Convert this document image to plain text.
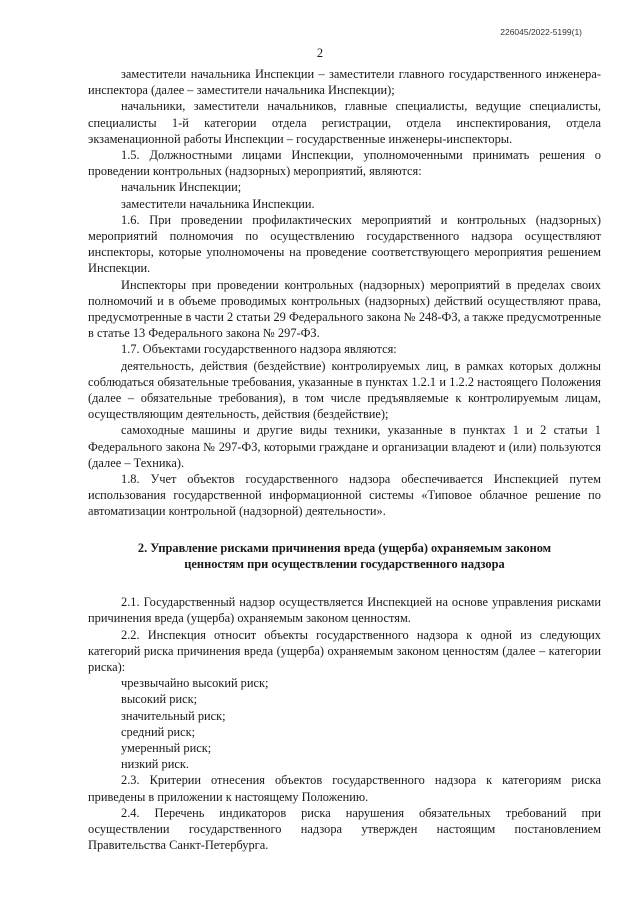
226045/2022-5199(1)
2

заместители начальника Инспекции – заместители главного государственного инженера-инспектора (далее – заместители начальника Инспекции);

начальники, заместители начальников, главные специалисты, ведущие специалисты, специалисты 1-й категории отдела регистрации, отдела инспектирования, отдела экзаменационной работы Инспекции – государственные инженеры-инспекторы.

1.5. Должностными лицами Инспекции, уполномоченными принимать решения о проведении контрольных (надзорных) мероприятий, являются:

начальник Инспекции;

заместители начальника Инспекции.

1.6. При проведении профилактических мероприятий и контрольных (надзорных) мероприятий полномочия по осуществлению государственного надзора осуществляют инспекторы, которые уполномочены на проведение соответствующего мероприятия решением Инспекции.

Инспекторы при проведении контрольных (надзорных) мероприятий в пределах своих полномочий и в объеме проводимых контрольных (надзорных) действий осуществляют права, предусмотренные в части 2 статьи 29 Федерального закона № 248-ФЗ, а также предусмотренные в статье 13 Федерального закона № 297-ФЗ.

1.7. Объектами государственного надзора являются:

деятельность, действия (бездействие) контролируемых лиц, в рамках которых должны соблюдаться обязательные требования, указанные в пунктах 1.2.1 и 1.2.2 настоящего Положения (далее – обязательные требования), в том числе предъявляемые к контролируемым лицам, осуществляющим деятельность, действия (бездействие);

самоходные машины и другие виды техники, указанные в пунктах 1 и 2 статьи 1 Федерального закона № 297-ФЗ, которыми граждане и организации владеют и (или) пользуются (далее – Техника).

1.8. Учет объектов государственного надзора обеспечивается Инспекцией путем использования государственной информационной системы «Типовое облачное решение по автоматизации контрольной (надзорной) деятельности».

2. Управление рисками причинения вреда (ущерба) охраняемым законом ценностям при осуществлении государственного надзора

2.1. Государственный надзор осуществляется Инспекцией на основе управления рисками причинения вреда (ущерба) охраняемым законом ценностям.

2.2. Инспекция относит объекты государственного надзора к одной из следующих категорий риска причинения вреда (ущерба) охраняемым законом ценностям (далее – категории риска):

чрезвычайно высокий риск;

высокий риск;

значительный риск;

средний риск;

умеренный риск;

низкий риск.

2.3. Критерии отнесения объектов государственного надзора к категориям риска приведены в приложении к настоящему Положению.

2.4. Перечень индикаторов риска нарушения обязательных требований при осуществлении государственного надзора утвержден настоящим постановлением Правительства Санкт-Петербурга.
